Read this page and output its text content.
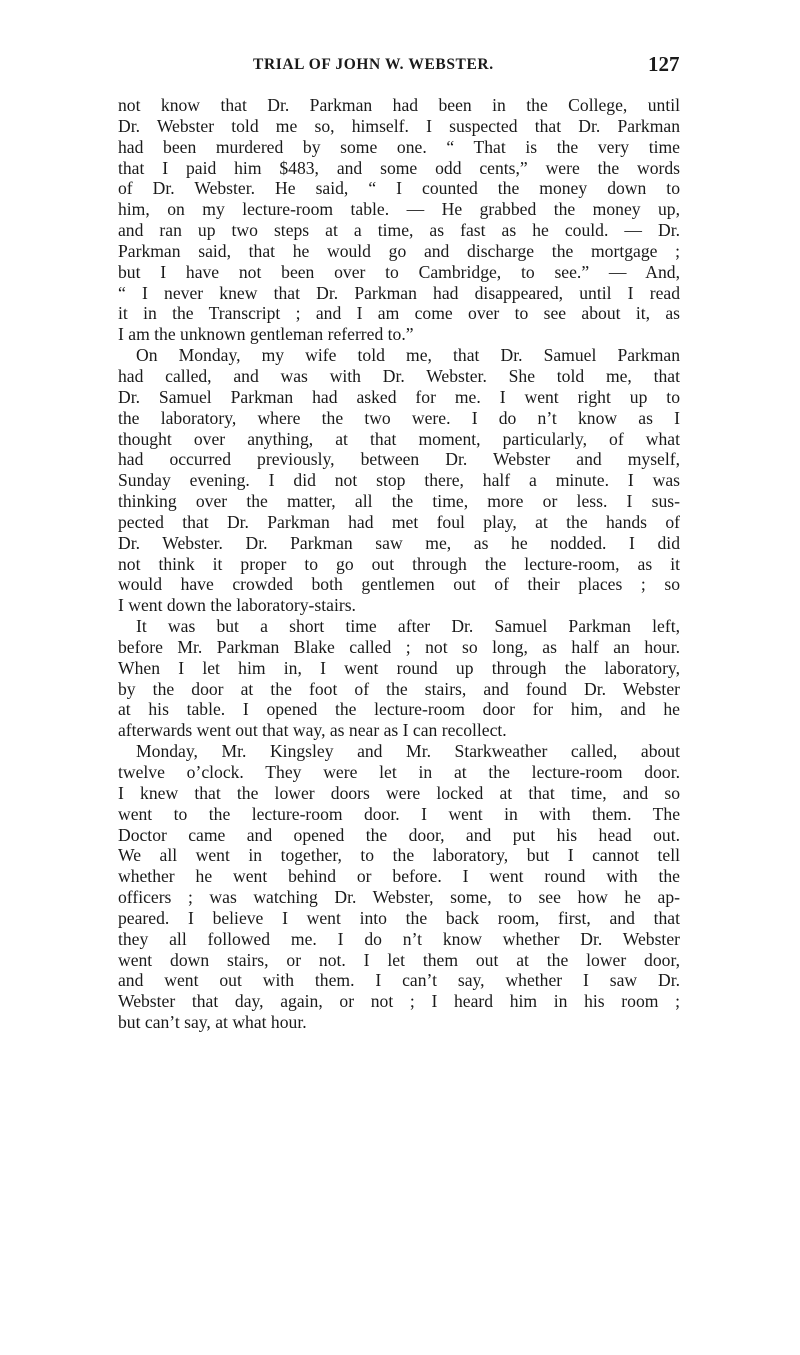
TRIAL OF JOHN W. WEBSTER.	127
not know that Dr. Parkman had been in the College, until
Dr. Webster told me so, himself. I suspected that Dr. Parkman
had been murdered by some one. “ That is the very time
that I paid him $483, and some odd cents,” were the words
of Dr. Webster. He said, “ I counted the money down to
him, on my lecture-room table. — He grabbed the money up,
and ran up two steps at a time, as fast as he could. — Dr.
Parkman said, that he would go and discharge the mortgage ;
but I have not been over to Cambridge, to see.” — And,
“ I never knew that Dr. Parkman had disappeared, until I read
it in the Transcript ; and I am come over to see about it, as
I am the unknown gentleman referred to.”
On Monday, my wife told me, that Dr. Samuel Parkman
had called, and was with Dr. Webster. She told me, that
Dr. Samuel Parkman had asked for me. I went right up to
the laboratory, where the two were. I do n’t know as I
thought over anything, at that moment, particularly, of what
had occurred previously, between Dr. Webster and myself,
Sunday evening. I did not stop there, half a minute. I was
thinking over the matter, all the time, more or less. I sus-
pected that Dr. Parkman had met foul play, at the hands of
Dr. Webster. Dr. Parkman saw me, as he nodded. I did
not think it proper to go out through the lecture-room, as it
would have crowded both gentlemen out of their places ; so
I went down the laboratory-stairs.
It was but a short time after Dr. Samuel Parkman left,
before Mr. Parkman Blake called ; not so long, as half an hour.
When I let him in, I went round up through the laboratory,
by the door at the foot of the stairs, and found Dr. Webster
at his table. I opened the lecture-room door for him, and he
afterwards went out that way, as near as I can recollect.
Monday, Mr. Kingsley and Mr. Starkweather called, about
twelve o’clock. They were let in at the lecture-room door.
I knew that the lower doors were locked at that time, and so
went to the lecture-room door. I went in with them. The
Doctor came and opened the door, and put his head out.
We all went in together, to the laboratory, but I cannot tell
whether he went behind or before. I went round with the
officers ; was watching Dr. Webster, some, to see how he ap-
peared. I believe I went into the back room, first, and that
they all followed me. I do n’t know whether Dr. Webster
went down stairs, or not. I let them out at the lower door,
and went out with them. I can’t say, whether I saw Dr.
Webster that day, again, or not ; I heard him in his room ;
but can’t say, at what hour.
